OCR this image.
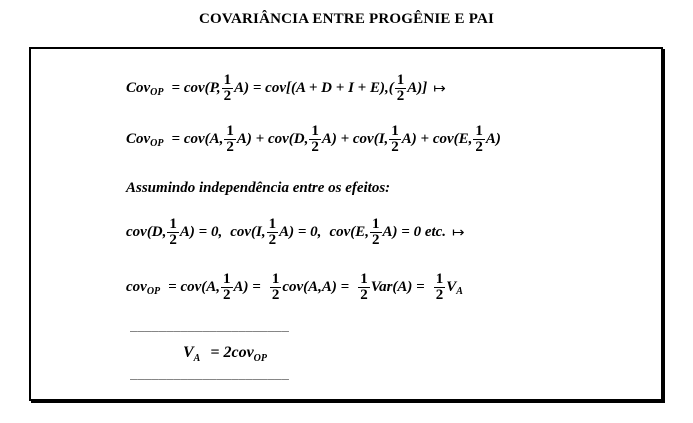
COVARIÂNCIA ENTRE PROGÊNIE E PAI
Cov$_{OP}$ = cov(P, $\frac{1}{2} A) = cov[(A + D + I + E),( \frac{1}{2} A)]$ ↦
Cov$_{OP}$ = cov(A, $\frac{1}{2} A) + cov(D$, $\frac{1}{2} A) + cov(I$, $\frac{1}{2} A) + cov(E$, $\frac{1}{2} A$)
Assumindo independência entre os efeitos:
cov(D, $\frac{1}{2} A) = 0$, cov(I, $\frac{1}{2} A) = 0$, cov(E, $\frac{1}{2} A) = 0$ etc. ↦
cov$_{OP}$ = cov(A, $\frac{1}{2} A) = \frac{1}{2} cov(A,A) = \frac{1}{2} Var(A) = \frac{1}{2} V_A$
______________________
$V_A = 2cov_{OP}$
______________________
